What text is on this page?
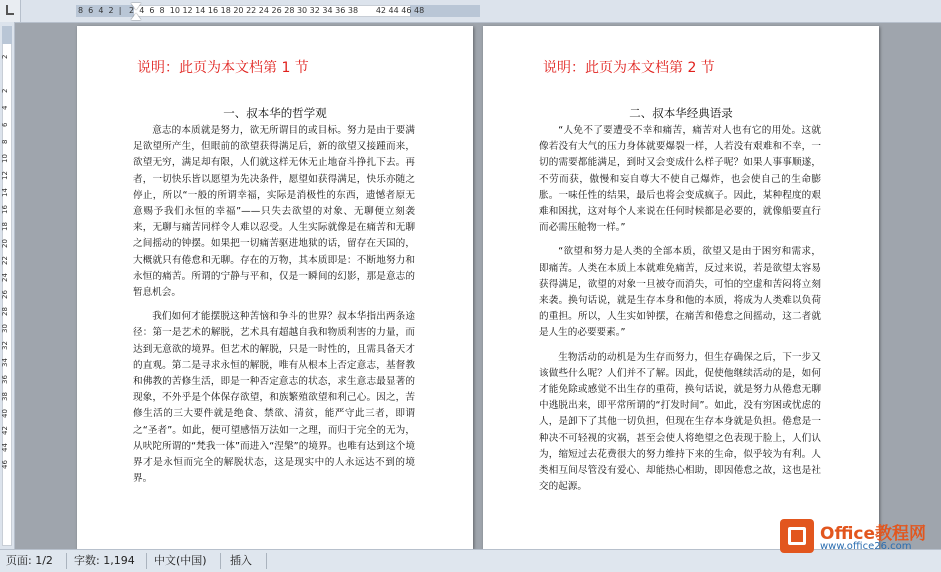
8  6  4  2  |   2  4  6  8  10 12 14 16 18 20 22 24 26 28 30 32 34 36 38       42 44 46 48
2
2
4
6
8
10
12
14
16
18
20
22
24
26
28
30
32
34
36
38
40
42
44
46
说明：此页为本文档第 1 节
一、叔本华的哲学观

意志的本质就是努力，欲无所谓目的或目标。努力是由于要满足欲望所产生，但眼前的欲望获得满足后，新的欲望又接踵而来，欲望无穷，满足却有限，人们就这样无休无止地奋斗挣扎下去。再者，一切快乐皆以愿望为先决条件，愿望如获得满足，快乐亦随之停止，所以“一般的所谓幸福，实际是消极性的东西，遗憾者原无意赐予我们永恒的幸福”——只失去欲望的对象、无聊便立刻袭来，无聊与痛苦同样令人难以忍受。人生实际就像是在痛苦和无聊之间摇动的钟摆。如果把一切痛苦驱进地狱的话，留存在天国的，大概就只有倦怠和无聊。存在的万物，其本质即是：不断地努力和永恒的痛苦。所谓的宁静与平和，仅是一瞬间的幻影，那是意志的暂息机会。

我们如何才能摆脱这种苦恼和争斗的世界？叔本华指出两条途径：第一是艺术的解脱，艺术具有超越自我和物质利害的力量，而达到无意欲的境界。但艺术的解脱，只是一时性的，且需具备天才的直观。第二是寻求永恒的解脱，唯有从根本上否定意志，基督教和佛教的苦修生活，即是一种否定意志的状态，求生意志最显著的现象，不外乎是个体保存欲望，和族繁殖欲望和利己心。因之，苦修生活的三大要件就是绝食、禁欲、清贫，能严守此三者，即谓之“圣者”。如此，便可望感悟万法如一之理，而归于完全的无为，从吠陀所谓的“梵我一体”而进入“涅槃”的境界。也唯有达到这个境界才是永恒而完全的解脱状态，这是现实中的人永远达不到的境界。

说明：此页为本文档第 2 节
二、叔本华经典语录

“人免不了要遭受不幸和痛苦，痛苦对人也有它的用处。这就像若没有大气的压力身体就要爆裂一样，人若没有艰难和不幸，一切的需要都能满足，到时又会变成什么样子呢？如果人事事顺遂，不劳而获，傲慢和妄自尊大不使自己爆炸，也会使自己的生命膨胀。一味任性的结果，最后也将会变成疯子。因此，某种程度的艰难和困扰，这对每个人来说在任何时候都是必要的，就像船要直行而必需压舱物一样。”

“欲望和努力是人类的全部本质，欲望又是由于困穷和需求，即痛苦。人类在本质上本就难免痛苦，反过来说，若是欲望太容易获得满足，欲望的对象一旦被夺而消失，可怕的空虚和苦闷将立刻来袭。换句话说，就是生存本身和他的本质，将成为人类难以负荷的重担。所以，人生实如钟摆，在痛苦和倦怠之间摇动，这二者就是人生的必要要素。”

生物活动的动机是为生存而努力，但生存确保之后，下一步又该做些什么呢？人们并不了解。因此，促使他继续活动的是，如何才能免除或感觉不出生存的重荷，换句话说，就是努力从倦怠无聊中逃脱出来，即平常所谓的“打发时间”。如此，没有穷困或忧虑的人，是卸下了其他一切负担，但现在生存本身就是负担。倦怠是一种决不可轻视的灾祸，甚至会使人将绝望之色表现于脸上，人们认为，缩短过去花费很大的努力维持下来的生命，似乎较为有利。人类相互间尽管没有爱心、却能热心相助，即因倦怠之故，这也是社交的起源。

页面: 1/2 字数: 1,194 中文(中国) 插入
Office教程网
www.office26.com
